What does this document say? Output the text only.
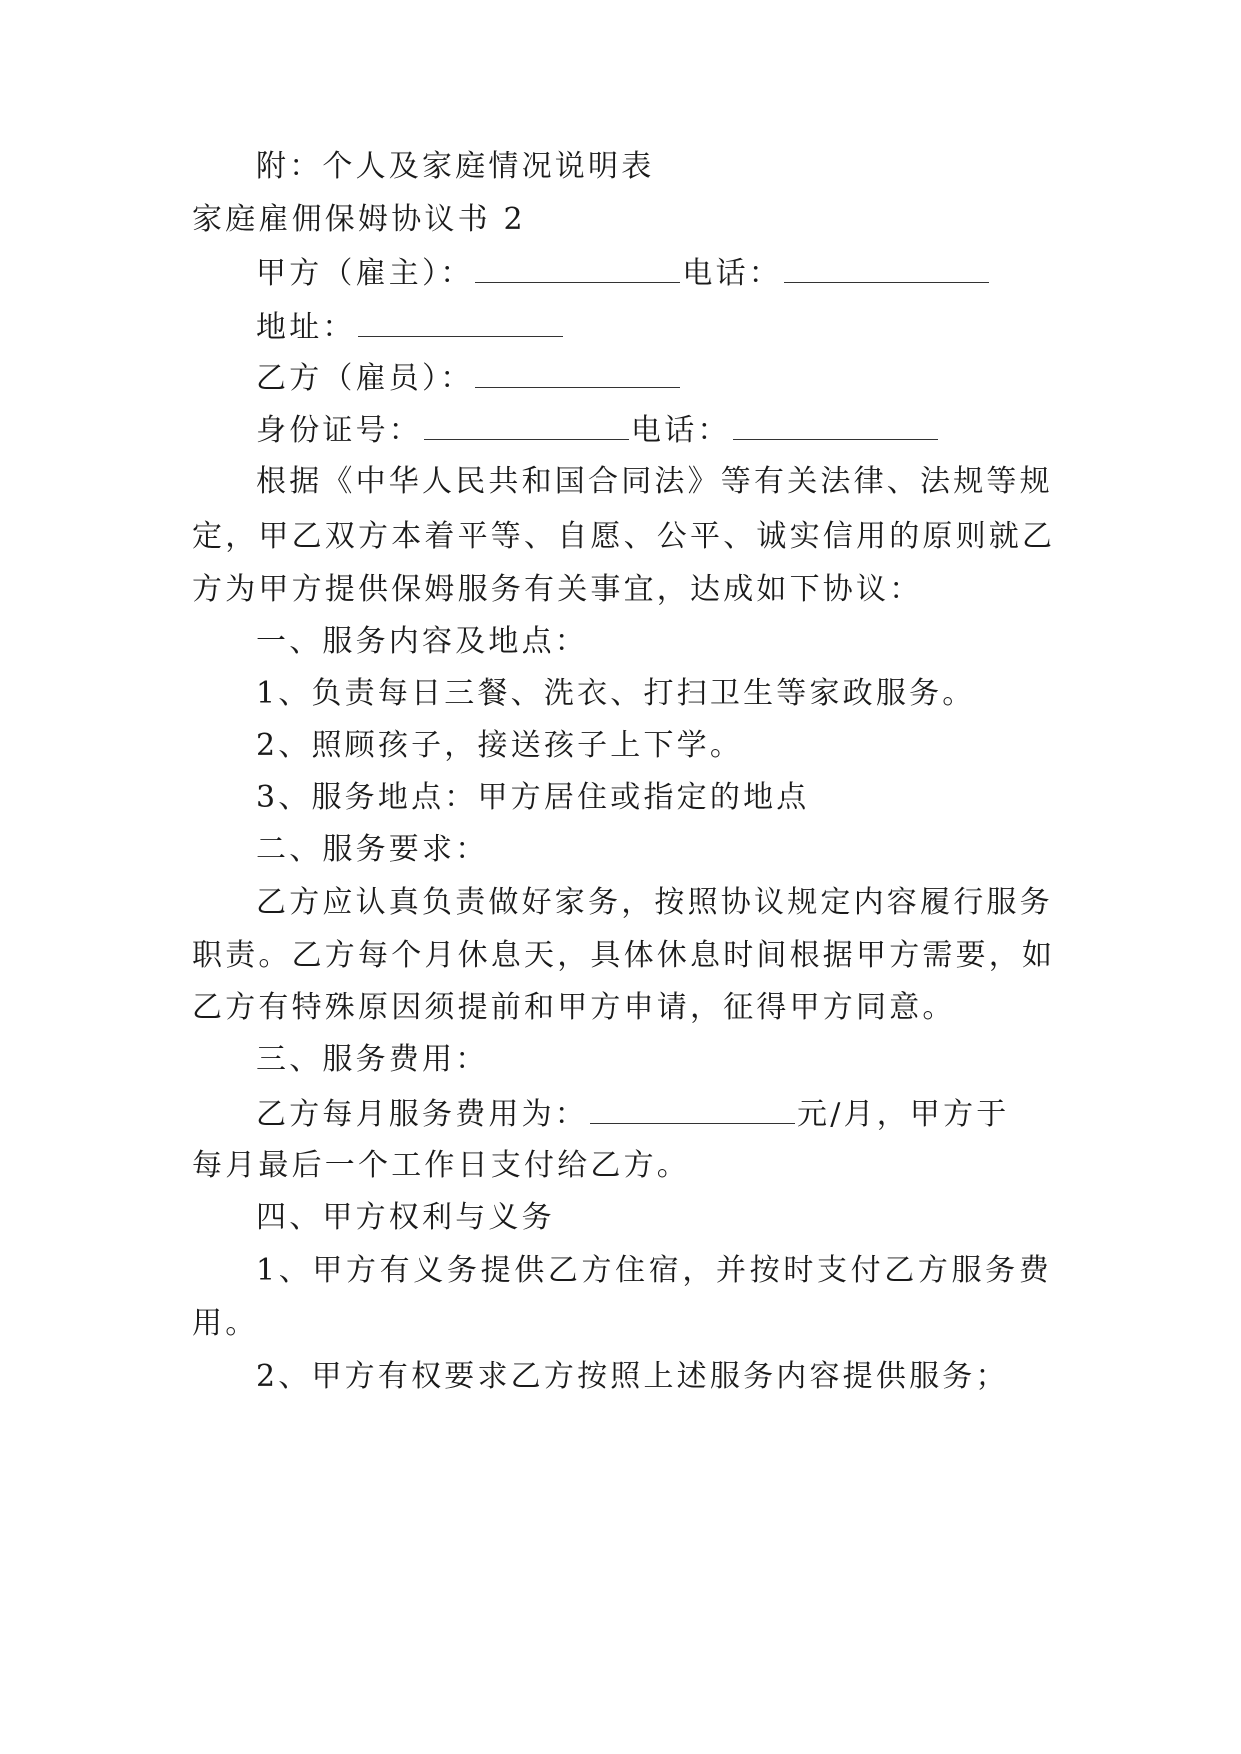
附：个人及家庭情况说明表
家庭雇佣保姆协议书 2
甲方（雇主）：	电话：
地址：
乙方（雇员）：
身份证号：	电话：
根据《中华人民共和国合同法》等有关法律、法规等规
定，甲乙双方本着平等、自愿、公平、诚实信用的原则就乙
方为甲方提供保姆服务有关事宜，达成如下协议：
一、服务内容及地点：
1、负责每日三餐、洗衣、打扫卫生等家政服务。
2、照顾孩子，接送孩子上下学。
3、服务地点：甲方居住或指定的地点
二、服务要求：
乙方应认真负责做好家务，按照协议规定内容履行服务
职责。乙方每个月休息天，具体休息时间根据甲方需要，如
乙方有特殊原因须提前和甲方申请，征得甲方同意。
三、服务费用：
乙方每月服务费用为：	元/月，甲方于
每月最后一个工作日支付给乙方。
四、甲方权利与义务
1、甲方有义务提供乙方住宿，并按时支付乙方服务费
用。
2、甲方有权要求乙方按照上述服务内容提供服务；
